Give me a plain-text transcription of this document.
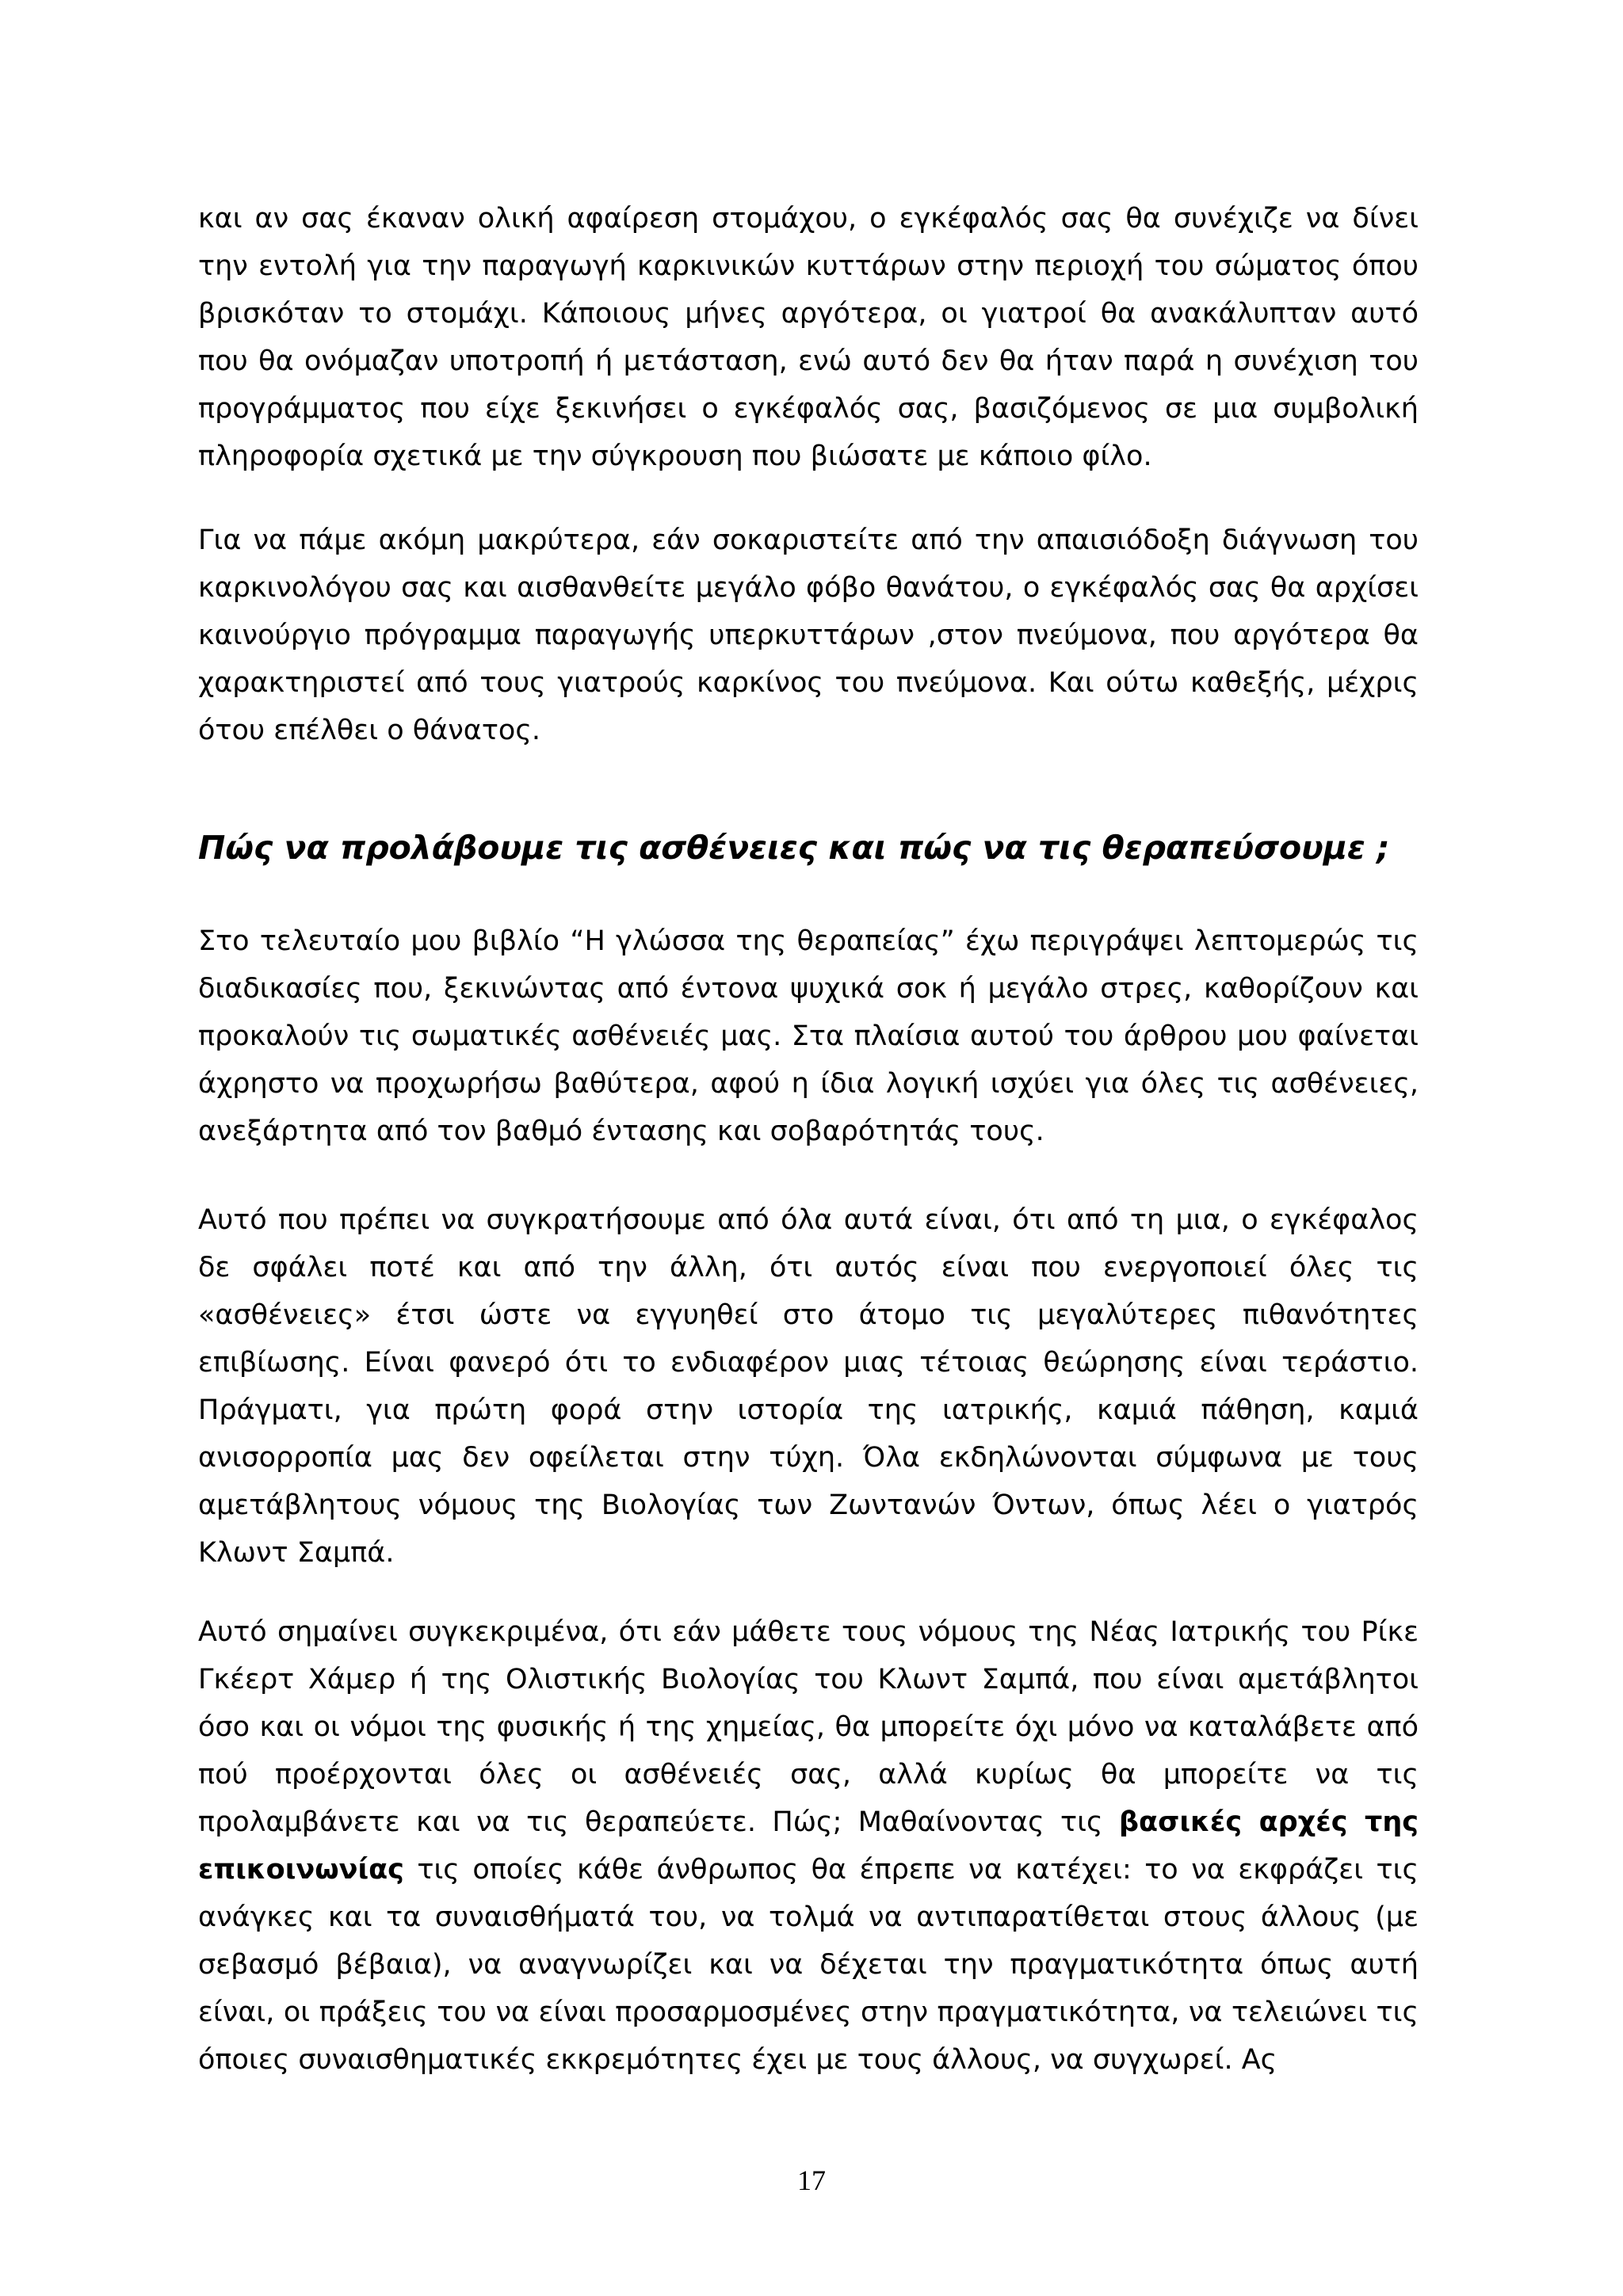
και αν σας έκαναν ολική αφαίρεση στομάχου, ο εγκέφαλός σας θα συνέχιζε να δίνει την εντολή για την παραγωγή καρκινικών κυττάρων στην περιοχή του σώματος όπου βρισκόταν το στομάχι. Κάποιους μήνες αργότερα, οι γιατροί θα ανακάλυπταν αυτό που θα ονόμαζαν υποτροπή ή μετάσταση, ενώ αυτό δεν θα ήταν παρά η συνέχιση του προγράμματος που είχε ξεκινήσει ο εγκέφαλός σας, βασιζόμενος σε μια συμβολική πληροφορία σχετικά με την σύγκρουση που βιώσατε με κάποιο φίλο.

Για να πάμε ακόμη μακρύτερα, εάν σοκαριστείτε από την απαισιόδοξη διάγνωση του καρκινολόγου σας και αισθανθείτε μεγάλο φόβο θανάτου, ο εγκέφαλός σας θα αρχίσει καινούργιο πρόγραμμα παραγωγής υπερκυττάρων ,στον πνεύμονα, που αργότερα θα χαρακτηριστεί από τους γιατρούς καρκίνος του πνεύμονα. Και ούτω καθεξής, μέχρις ότου επέλθει ο θάνατος.

Πώς να προλάβουμε τις ασθένειες και πώς να τις θεραπεύσουμε ;

Στο τελευταίο μου βιβλίο “Η γλώσσα της θεραπείας” έχω περιγράψει λεπτομερώς τις διαδικασίες που, ξεκινώντας από έντονα ψυχικά σοκ ή μεγάλο στρες, καθορίζουν και προκαλούν τις σωματικές ασθένειές μας. Στα πλαίσια αυτού του άρθρου μου φαίνεται άχρηστο να προχωρήσω βαθύτερα, αφού η ίδια λογική ισχύει για όλες τις ασθένειες, ανεξάρτητα από τον βαθμό έντασης και σοβαρότητάς τους.

Αυτό που πρέπει να συγκρατήσουμε από όλα αυτά είναι, ότι από τη μια, ο εγκέφαλος δε σφάλει ποτέ και από την άλλη, ότι αυτός είναι που ενεργοποιεί όλες τις «ασθένειες» έτσι ώστε να εγγυηθεί στο άτομο τις μεγαλύτερες πιθανότητες επιβίωσης. Είναι φανερό ότι το ενδιαφέρον μιας τέτοιας θεώρησης είναι τεράστιο. Πράγματι, για πρώτη φορά στην ιστορία της ιατρικής, καμιά πάθηση, καμιά ανισορροπία μας δεν οφείλεται στην τύχη. Όλα εκδηλώνονται σύμφωνα με τους αμετάβλητους νόμους της Βιολογίας των Ζωντανών Όντων, όπως λέει ο γιατρός Κλωντ Σαμπά.

Αυτό σημαίνει συγκεκριμένα, ότι εάν μάθετε τους νόμους της Νέας Ιατρικής του Ρίκε Γκέερτ Χάμερ ή της Ολιστικής Βιολογίας του Κλωντ Σαμπά, που είναι αμετάβλητοι όσο και οι νόμοι της φυσικής ή της χημείας, θα μπορείτε όχι μόνο να καταλάβετε από πού προέρχονται όλες οι ασθένειές σας, αλλά κυρίως θα μπορείτε να τις προλαμβάνετε και να τις θεραπεύετε. Πώς; Μαθαίνοντας τις βασικές αρχές της επικοινωνίας τις οποίες κάθε άνθρωπος θα έπρεπε να κατέχει: το να εκφράζει τις ανάγκες και τα συναισθήματά του, να τολμά να αντιπαρατίθεται στους άλλους (με σεβασμό βέβαια), να αναγνωρίζει και να δέχεται την πραγματικότητα όπως αυτή είναι, οι πράξεις του να είναι προσαρμοσμένες στην πραγματικότητα, να τελειώνει τις όποιες συναισθηματικές εκκρεμότητες έχει με τους άλλους, να συγχωρεί. Ας

17
